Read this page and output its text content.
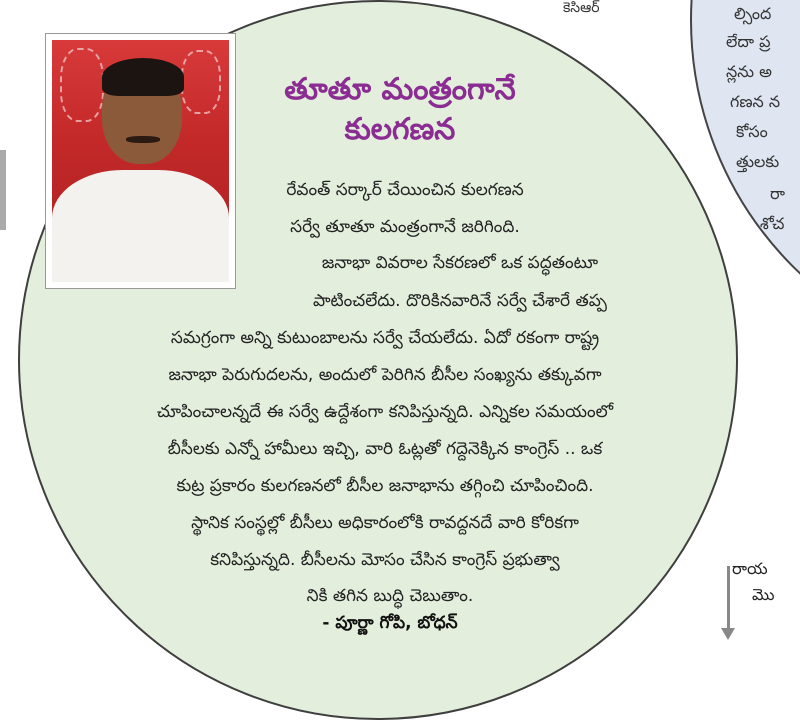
కెసిఆర్	ల్సింద
లేదా ప్ర
న్లను అ
గణన న
కోసం
త్తులకు
రా
శోచ
తూతూ మంత్రంగానే
కులగణన
రేవంత్ సర్కార్ చేయించిన కులగణన
సర్వే తూతూ మంత్రంగానే జరిగింది.
జనాభా వివరాల సేకరణలో ఒక పద్ధతంటూ
పాటించలేదు. దొరికినవారినే సర్వే చేశారే తప్ప
సమగ్రంగా అన్ని కుటుంబాలను సర్వే చేయలేదు. ఏదో రకంగా రాష్ట్ర
జనాభా పెరుగుదలను, అందులో పెరిగిన బీసీల సంఖ్యను తక్కువగా
చూపించాలన్నదే ఈ సర్వే ఉద్దేశంగా కనిపిస్తున్నది. ఎన్నికల సమయంలో
బీసీలకు ఎన్నో హామీలు ఇచ్చి, వారి ఓట్లతో గద్దెనెక్కిన కాంగ్రెస్ .. ఒక
కుట్ర ప్రకారం కులగణనలో బీసీల జనాభాను తగ్గించి చూపించింది.
స్థానిక సంస్థల్లో బీసీలు అధికారంలోకి రావద్దనదే వారి కోరికగా
కనిపిస్తున్నది. బీసీలను మోసం చేసిన కాంగ్రెస్ ప్రభుత్వా
నికి తగిన బుద్ధి చెబుతాం.
- పూర్ణా గోపి, బోధన్
రాయ
మొ
